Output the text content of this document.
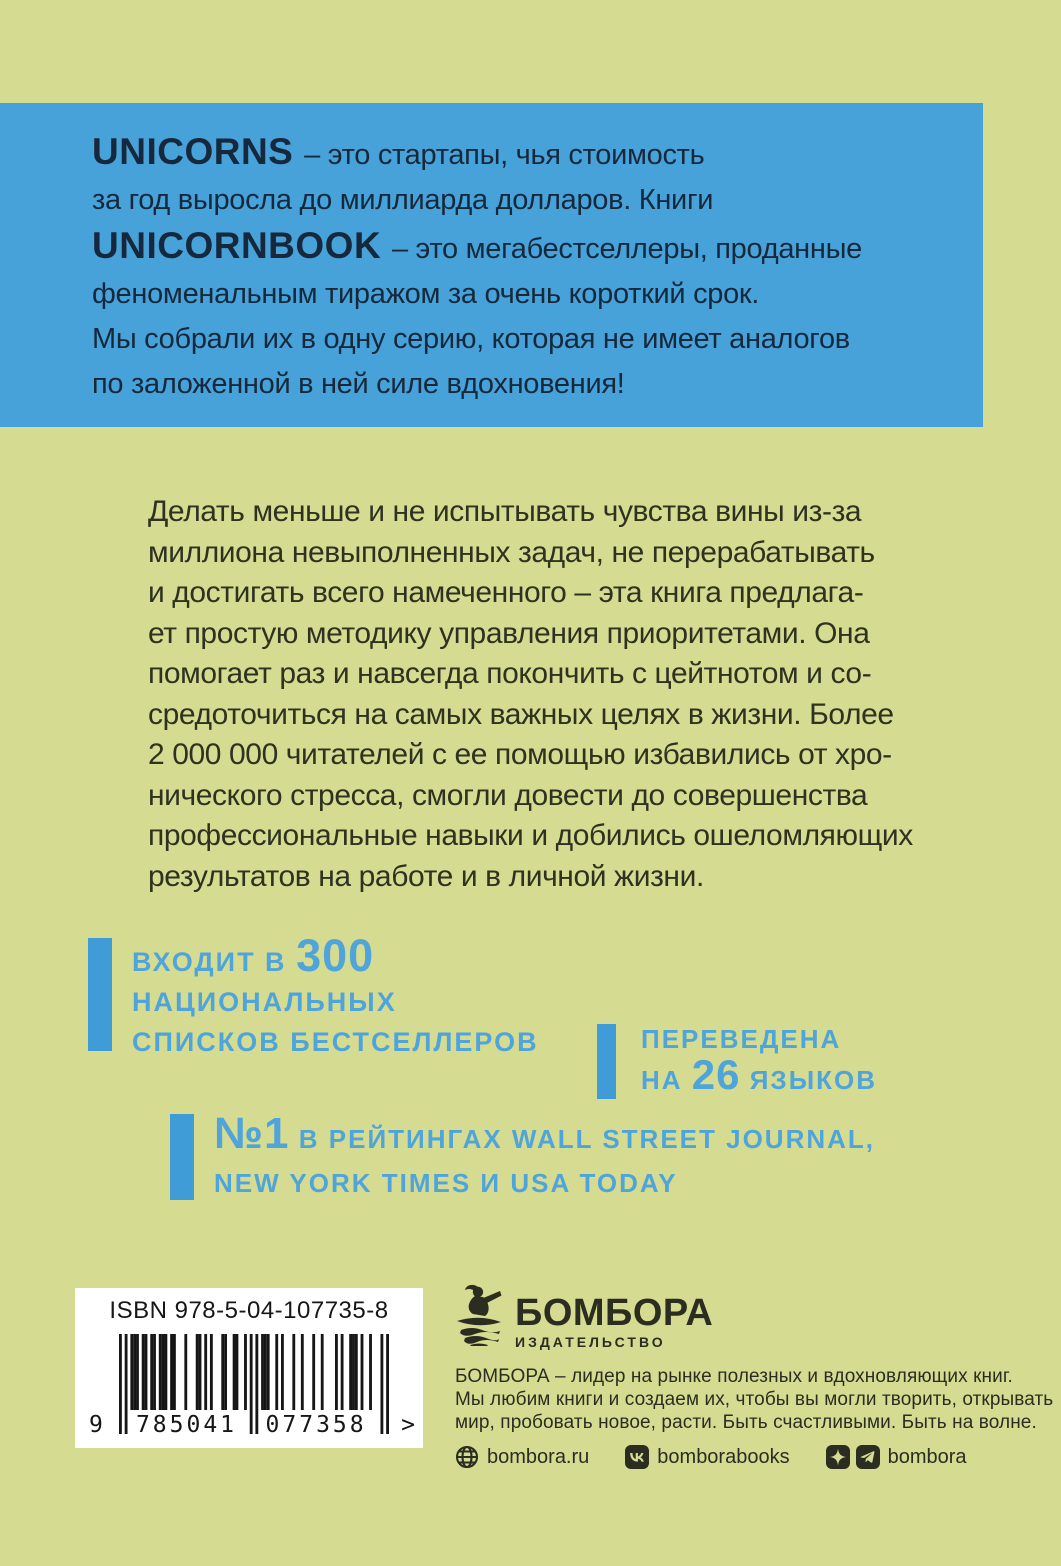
UNICORNS – это стартапы, чья стоимость
за год выросла до миллиарда долларов. Книги
UNICORNBOOK – это мегабестселлеры, проданные
феноменальным тиражом за очень короткий срок.
Мы собрали их в одну серию, которая не имеет аналогов
по заложенной в ней силе вдохновения!
Делать меньше и не испытывать чувства вины из-за
миллиона невыполненных задач, не перерабатывать
и достигать всего намеченного – эта книга предлага-
ет простую методику управления приоритетами. Она
помогает раз и навсегда покончить с цейтнотом и со-
средоточиться на самых важных целях в жизни. Более
2 000 000 читателей с ее помощью избавились от хро-
нического стресса, смогли довести до совершенства
профессиональные навыки и добились ошеломляющих
результатов на работе и в личной жизни.
ВХОДИТ В 300
НАЦИОНАЛЬНЫХ
СПИСКОВ БЕСТСЕЛЛЕРОВ	ПЕРЕВЕДЕНА
НА 26 ЯЗЫКОВ
№1 В РЕЙТИНГАХ WALL STREET JOURNAL,
NEW YORK TIMES И USA TODAY
ISBN 978-5-04-107735-8
9 785041 077358 >
БОМБОРА
ИЗДАТЕЛЬСТВО
БОМБОРА – лидер на рынке полезных и вдохновляющих книг.
Мы любим книги и создаем их, чтобы вы могли творить, открывать
мир, пробовать новое, расти. Быть счастливыми. Быть на волне.
bombora.ru	bomborabooks	bombora
